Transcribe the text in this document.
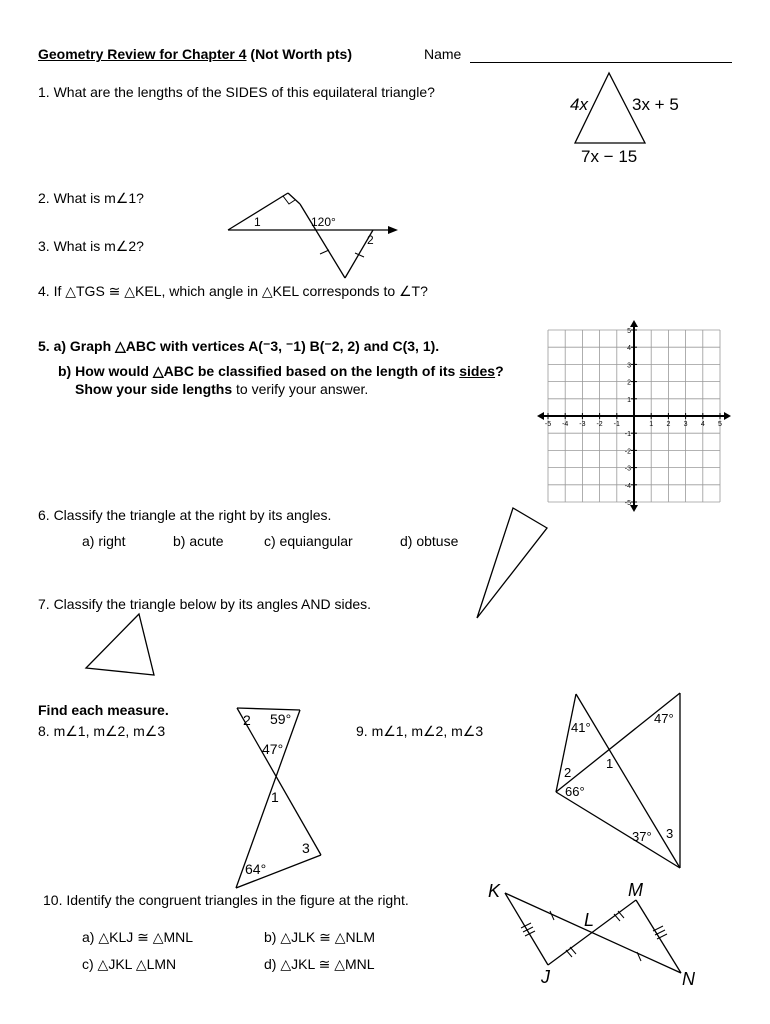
Geometry Review for Chapter 4 (Not Worth pts)	Name
1. What are the lengths of the SIDES of this equilateral triangle?
2. What is m∠1?
3. What is m∠2?
4. If △TGS ≅ △KEL, which angle in △KEL corresponds to ∠T?
5. a) Graph △ABC with vertices A(⁻3, ⁻1) B(⁻2, 2) and C(3, 1).
b) How would △ABC be classified based on the length of its sides?
Show your side lengths to verify your answer.
6. Classify the triangle at the right by its angles.
a) right	b) acute	c) equiangular	d) obtuse
7. Classify the triangle below by its angles AND sides.
Find each measure.
8. m∠1, m∠2, m∠3	9. m∠1, m∠2, m∠3
10. Identify the congruent triangles in the figure at the right.
a) △KLJ ≅ △MNL	b) △JLK ≅ △NLM
c) △JKL △LMN	d) △JKL ≅ △MNL
4x	3x + 5
7x − 15
1	120°
2
-5 -4 -3 -2 -1	1 2 3 4 5
5
4
3
2
1
-1
-2
-3
-4
-5
2 59°
47°
1
3
64°
41°
47°
1
2
66°
37° 3
K	M
L
J	N
